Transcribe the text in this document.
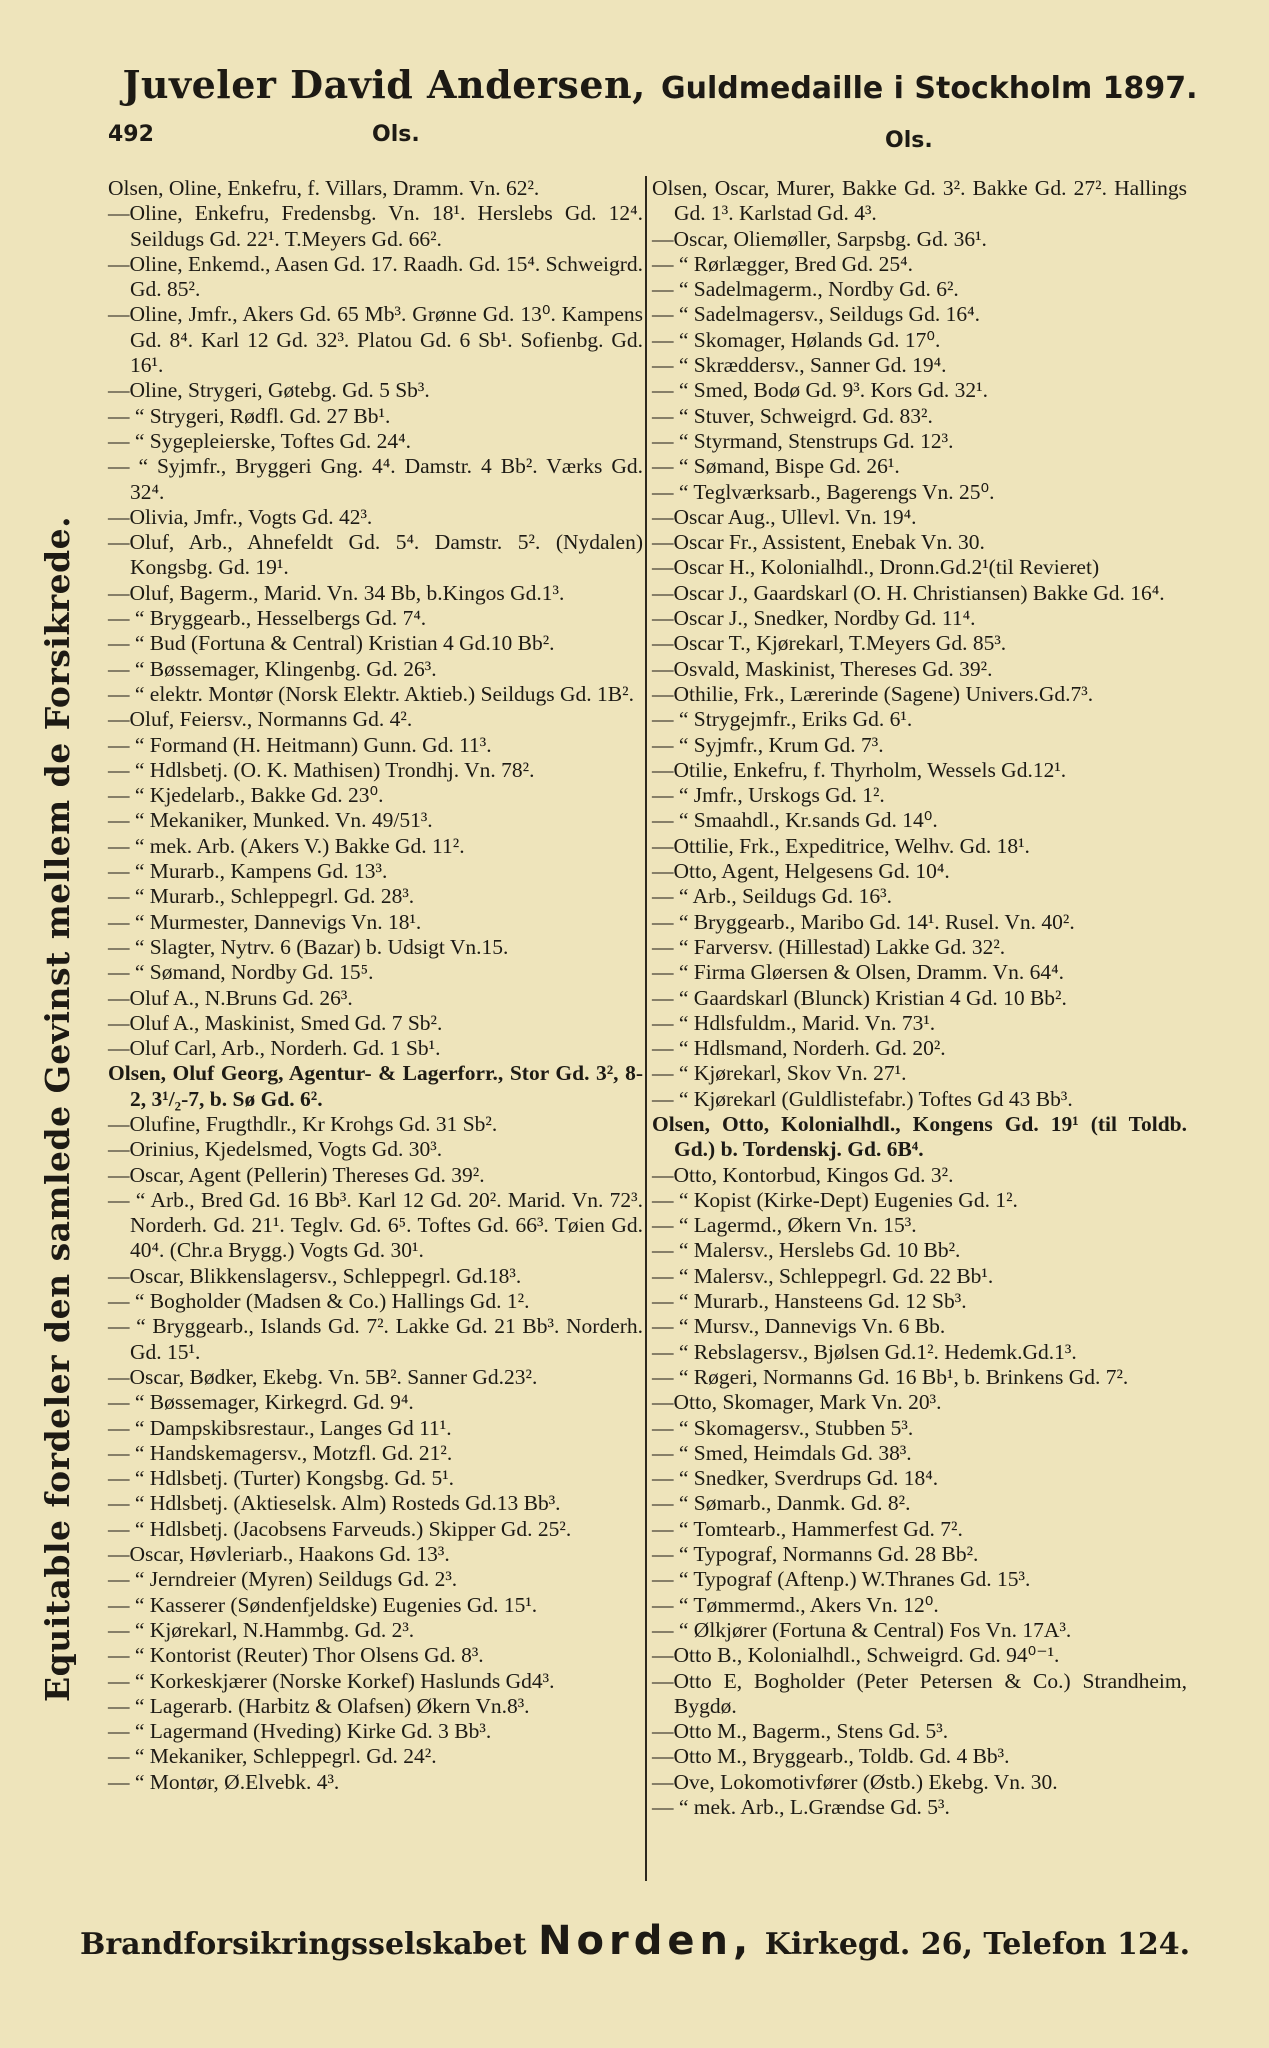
Juveler David Andersen, Guldmedaille i Stockholm 1897.
492	Ols.	Ols.
Equitable fordeler den samlede Gevinst mellem de Forsikrede.
Olsen, Oline, Enkefru, f. Villars, Dramm. Vn. 62².
—Oline, Enkefru, Fredensbg. Vn. 18¹. Herslebs Gd. 12⁴. Seildugs Gd. 22¹. T.Meyers Gd. 66².
—Oline, Enkemd., Aasen Gd. 17. Raadh. Gd. 15⁴. Schweigrd. Gd. 85².
—Oline, Jmfr., Akers Gd. 65 Mb³. Grønne Gd. 13⁰. Kampens Gd. 8⁴. Karl 12 Gd. 32³. Platou Gd. 6 Sb¹. Sofienbg. Gd. 16¹.
—Oline, Strygeri, Gøtebg. Gd. 5 Sb³.
— “ Strygeri, Rødfl. Gd. 27 Bb¹.
— “ Sygepleierske, Toftes Gd. 24⁴.
— “ Syjmfr., Bryggeri Gng. 4⁴. Damstr. 4 Bb². Værks Gd. 32⁴.
—Olivia, Jmfr., Vogts Gd. 42³.
—Oluf, Arb., Ahnefeldt Gd. 5⁴. Damstr. 5². (Nydalen) Kongsbg. Gd. 19¹.
—Oluf, Bagerm., Marid. Vn. 34 Bb, b.Kingos Gd.1³.
— “ Bryggearb., Hesselbergs Gd. 7⁴.
— “ Bud (Fortuna & Central) Kristian 4 Gd.10 Bb².
— “ Bøssemager, Klingenbg. Gd. 26³.
— “ elektr. Montør (Norsk Elektr. Aktieb.) Seildugs Gd. 1B².
—Oluf, Feiersv., Normanns Gd. 4².
— “ Formand (H. Heitmann) Gunn. Gd. 11³.
— “ Hdlsbetj. (O. K. Mathisen) Trondhj. Vn. 78².
— “ Kjedelarb., Bakke Gd. 23⁰.
— “ Mekaniker, Munked. Vn. 49/51³.
— “ mek. Arb. (Akers V.) Bakke Gd. 11².
— “ Murarb., Kampens Gd. 13³.
— “ Murarb., Schleppegrl. Gd. 28³.
— “ Murmester, Dannevigs Vn. 18¹.
— “ Slagter, Nytrv. 6 (Bazar) b. Udsigt Vn.15.
— “ Sømand, Nordby Gd. 15⁵.
—Oluf A., N.Bruns Gd. 26³.
—Oluf A., Maskinist, Smed Gd. 7 Sb².
—Oluf Carl, Arb., Norderh. Gd. 1 Sb¹.
Olsen, Oluf Georg, Agentur- & Lagerforr., Stor Gd. 3², 8-2, 3¹/₂-7, b. Sø Gd. 6².
—Olufine, Frugthdlr., Kr Krohgs Gd. 31 Sb².
—Orinius, Kjedelsmed, Vogts Gd. 30³.
—Oscar, Agent (Pellerin) Thereses Gd. 39².
— “ Arb., Bred Gd. 16 Bb³. Karl 12 Gd. 20². Marid. Vn. 72³. Norderh. Gd. 21¹. Teglv. Gd. 6⁵. Toftes Gd. 66³. Tøien Gd. 40⁴. (Chr.a Brygg.) Vogts Gd. 30¹.
—Oscar, Blikkenslagersv., Schleppegrl. Gd.18³.
— “ Bogholder (Madsen & Co.) Hallings Gd. 1².
— “ Bryggearb., Islands Gd. 7². Lakke Gd. 21 Bb³. Norderh. Gd. 15¹.
—Oscar, Bødker, Ekebg. Vn. 5B². Sanner Gd.23².
— “ Bøssemager, Kirkegrd. Gd. 9⁴.
— “ Dampskibsrestaur., Langes Gd 11¹.
— “ Handskemagersv., Motzfl. Gd. 21².
— “ Hdlsbetj. (Turter) Kongsbg. Gd. 5¹.
— “ Hdlsbetj. (Aktieselsk. Alm) Rosteds Gd.13 Bb³.
— “ Hdlsbetj. (Jacobsens Farveuds.) Skipper Gd. 25².
—Oscar, Høvleriarb., Haakons Gd. 13³.
— “ Jerndreier (Myren) Seildugs Gd. 2³.
— “ Kasserer (Søndenfjeldske) Eugenies Gd. 15¹.
— “ Kjørekarl, N.Hammbg. Gd. 2³.
— “ Kontorist (Reuter) Thor Olsens Gd. 8³.
— “ Korkeskjærer (Norske Korkef) Haslunds Gd4³.
— “ Lagerarb. (Harbitz & Olafsen) Økern Vn.8³.
— “ Lagermand (Hveding) Kirke Gd. 3 Bb³.
— “ Mekaniker, Schleppegrl. Gd. 24².
— “ Montør, Ø.Elvebk. 4³.
Olsen, Oscar, Murer, Bakke Gd. 3². Bakke Gd. 27². Hallings Gd. 1³. Karlstad Gd. 4³.
—Oscar, Oliemøller, Sarpsbg. Gd. 36¹.
— “ Rørlægger, Bred Gd. 25⁴.
— “ Sadelmagerm., Nordby Gd. 6².
— “ Sadelmagersv., Seildugs Gd. 16⁴.
— “ Skomager, Hølands Gd. 17⁰.
— “ Skræddersv., Sanner Gd. 19⁴.
— “ Smed, Bodø Gd. 9³. Kors Gd. 32¹.
— “ Stuver, Schweigrd. Gd. 83².
— “ Styrmand, Stenstrups Gd. 12³.
— “ Sømand, Bispe Gd. 26¹.
— “ Teglværksarb., Bagerengs Vn. 25⁰.
—Oscar Aug., Ullevl. Vn. 19⁴.
—Oscar Fr., Assistent, Enebak Vn. 30.
—Oscar H., Kolonialhdl., Dronn.Gd.2¹(til Revieret)
—Oscar J., Gaardskarl (O. H. Christiansen) Bakke Gd. 16⁴.
—Oscar J., Snedker, Nordby Gd. 11⁴.
—Oscar T., Kjørekarl, T.Meyers Gd. 85³.
—Osvald, Maskinist, Thereses Gd. 39².
—Othilie, Frk., Lærerinde (Sagene) Univers.Gd.7³.
— “ Strygejmfr., Eriks Gd. 6¹.
— “ Syjmfr., Krum Gd. 7³.
—Otilie, Enkefru, f. Thyrholm, Wessels Gd.12¹.
— “ Jmfr., Urskogs Gd. 1².
— “ Smaahdl., Kr.sands Gd. 14⁰.
—Ottilie, Frk., Expeditrice, Welhv. Gd. 18¹.
—Otto, Agent, Helgesens Gd. 10⁴.
— “ Arb., Seildugs Gd. 16³.
— “ Bryggearb., Maribo Gd. 14¹. Rusel. Vn. 40².
— “ Farversv. (Hillestad) Lakke Gd. 32².
— “ Firma Gløersen & Olsen, Dramm. Vn. 64⁴.
— “ Gaardskarl (Blunck) Kristian 4 Gd. 10 Bb².
— “ Hdlsfuldm., Marid. Vn. 73¹.
— “ Hdlsmand, Norderh. Gd. 20².
— “ Kjørekarl, Skov Vn. 27¹.
— “ Kjørekarl (Guldlistefabr.) Toftes Gd 43 Bb³.
Olsen, Otto, Kolonialhdl., Kongens Gd. 19¹ (til Toldb. Gd.) b. Tordenskj. Gd. 6B⁴.
—Otto, Kontorbud, Kingos Gd. 3².
— “ Kopist (Kirke-Dept) Eugenies Gd. 1².
— “ Lagermd., Økern Vn. 15³.
— “ Malersv., Herslebs Gd. 10 Bb².
— “ Malersv., Schleppegrl. Gd. 22 Bb¹.
— “ Murarb., Hansteens Gd. 12 Sb³.
— “ Mursv., Dannevigs Vn. 6 Bb.
— “ Rebslagersv., Bjølsen Gd.1². Hedemk.Gd.1³.
— “ Røgeri, Normanns Gd. 16 Bb¹, b. Brinkens Gd. 7².
—Otto, Skomager, Mark Vn. 20³.
— “ Skomagersv., Stubben 5³.
— “ Smed, Heimdals Gd. 38³.
— “ Snedker, Sverdrups Gd. 18⁴.
— “ Sømarb., Danmk. Gd. 8².
— “ Tomtearb., Hammerfest Gd. 7².
— “ Typograf, Normanns Gd. 28 Bb².
— “ Typograf (Aftenp.) W.Thranes Gd. 15³.
— “ Tømmermd., Akers Vn. 12⁰.
— “ Ølkjører (Fortuna & Central) Fos Vn. 17A³.
—Otto B., Kolonialhdl., Schweigrd. Gd. 94⁰⁻¹.
—Otto E, Bogholder (Peter Petersen & Co.) Strandheim, Bygdø.
—Otto M., Bagerm., Stens Gd. 5³.
—Otto M., Bryggearb., Toldb. Gd. 4 Bb³.
—Ove, Lokomotivfører (Østb.) Ekebg. Vn. 30.
— “ mek. Arb., L.Grændse Gd. 5³.
Brandforsikringsselskabet Norden, Kirkegd. 26, Telefon 124.
